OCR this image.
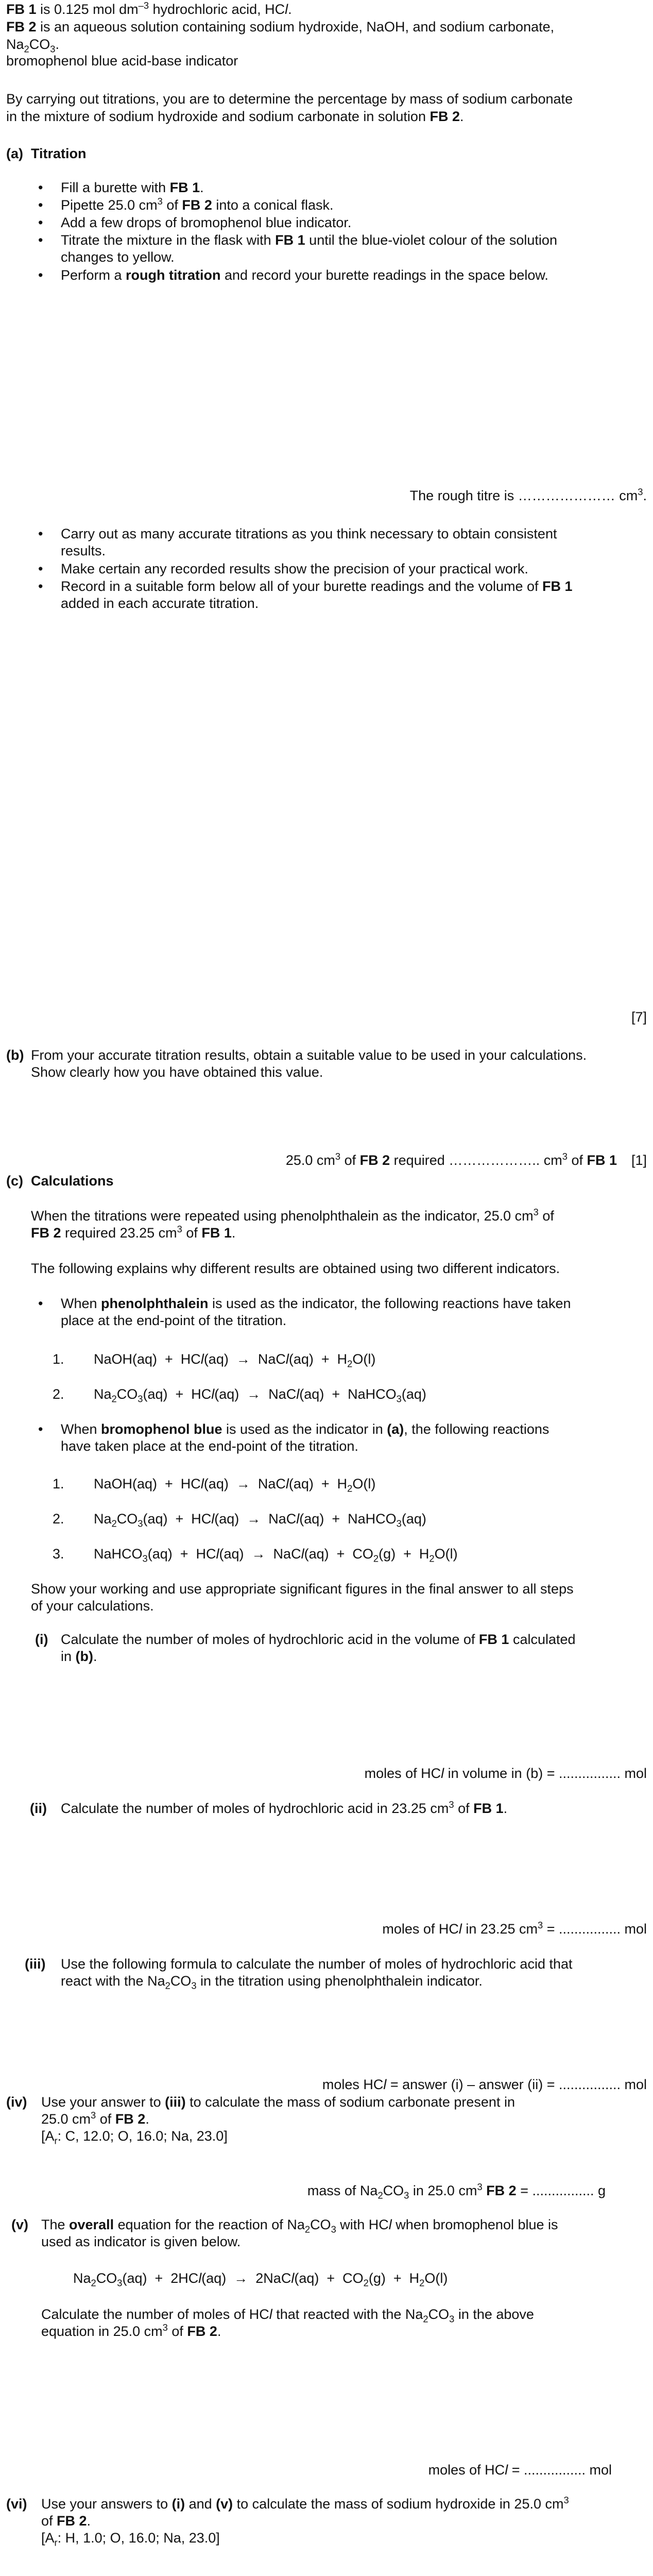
FB 1 is 0.125 mol $dm^{-3}$ hydrochloric acid, HCl.
FB 2 is an aqueous solution containing sodium hydroxide, NaOH, and sodium carbonate,
$Na_2CO_3$.
bromophenol blue acid-base indicator
By carrying out titrations, you are to determine the percentage by mass of sodium carbonate
in the mixture of sodium hydroxide and sodium carbonate in solution FB 2.
(a) Titration
• Fill a burette with FB 1.
• Pipette 25.0 $cm^3$ of FB 2 into a conical flask.
• Add a few drops of bromophenol blue indicator.
• Titrate the mixture in the flask with FB 1 until the blue-violet colour of the solution
changes to yellow.
• Perform a rough titration and record your burette readings in the space below.
The rough titre is ………………… $cm^3$.
• Carry out as many accurate titrations as you think necessary to obtain consistent
results.
• Make certain any recorded results show the precision of your practical work.
• Record in a suitable form below all of your burette readings and the volume of FB 1
added in each accurate titration.
[7]
(b) From your accurate titration results, obtain a suitable value to be used in your calculations.
Show clearly how you have obtained this value.
25.0 $cm^3$ of FB 2 required ……………….. $cm^3$ of FB 1 [1]
(c) Calculations
When the titrations were repeated using phenolphthalein as the indicator, 25.0 $cm^3$ of
FB 2 required 23.25 $cm^3$ of FB 1.
The following explains why different results are obtained using two different indicators.
• When phenolphthalein is used as the indicator, the following reactions have taken
place at the end-point of the titration.
1. NaOH(aq)  +  HCl(aq)  →  NaCl(aq)  +  $H_2O(l)$
2. $Na_2CO_3(aq) + HCl(aq)$  →  NaCl(aq)  +  NaHCO$_3$(aq)
• When bromophenol blue is used as the indicator in (a), the following reactions
have taken place at the end-point of the titration.
1. NaOH(aq)  +  HCl(aq)  →  NaCl(aq)  +  $H_2O(l)$
2. $Na_2CO_3(aq) + HCl(aq)$  →  NaCl(aq)  +  NaHCO$_3$(aq)
3. NaHCO$_3$(aq)  +  HCl(aq)  →  NaCl(aq)  +  $CO_2(g) + H_2O(l)$
Show your working and use appropriate significant figures in the final answer to all steps
of your calculations.
(i) Calculate the number of moles of hydrochloric acid in the volume of FB 1 calculated
in (b).
moles of HCl in volume in (b) = ................ mol
(ii) Calculate the number of moles of hydrochloric acid in 23.25 $cm^3$ of FB 1.
moles of HCl in 23.25 $cm^3$ = ................ mol
(iii) Use the following formula to calculate the number of moles of hydrochloric acid that
react with the $Na_2CO_3$ in the titration using phenolphthalein indicator.
moles HCl = answer (i) – answer (ii) = ................ mol
(iv) Use your answer to (iii) to calculate the mass of sodium carbonate present in
25.0 $cm^3$ of FB 2.
[$A_r$: C, 12.0; O, 16.0; Na, 23.0]
mass of $Na_2CO_3$ in 25.0 $cm^3$ FB 2 = ................ g
(v) The overall equation for the reaction of $Na_2CO_3$ with HCl when bromophenol blue is
used as indicator is given below.
$Na_2CO_3(aq) + 2HCl(aq)$  →  2NaCl(aq)  +  $CO_2(g) + H_2O(l)$
Calculate the number of moles of HCl that reacted with the $Na_2CO_3$ in the above
equation in 25.0 $cm^3$ of FB 2.
moles of HCl = ................ mol
(vi) Use your answers to (i) and (v) to calculate the mass of sodium hydroxide in 25.0 $cm^3$
of FB 2.
[$A_r$: H, 1.0; O, 16.0; Na, 23.0]
